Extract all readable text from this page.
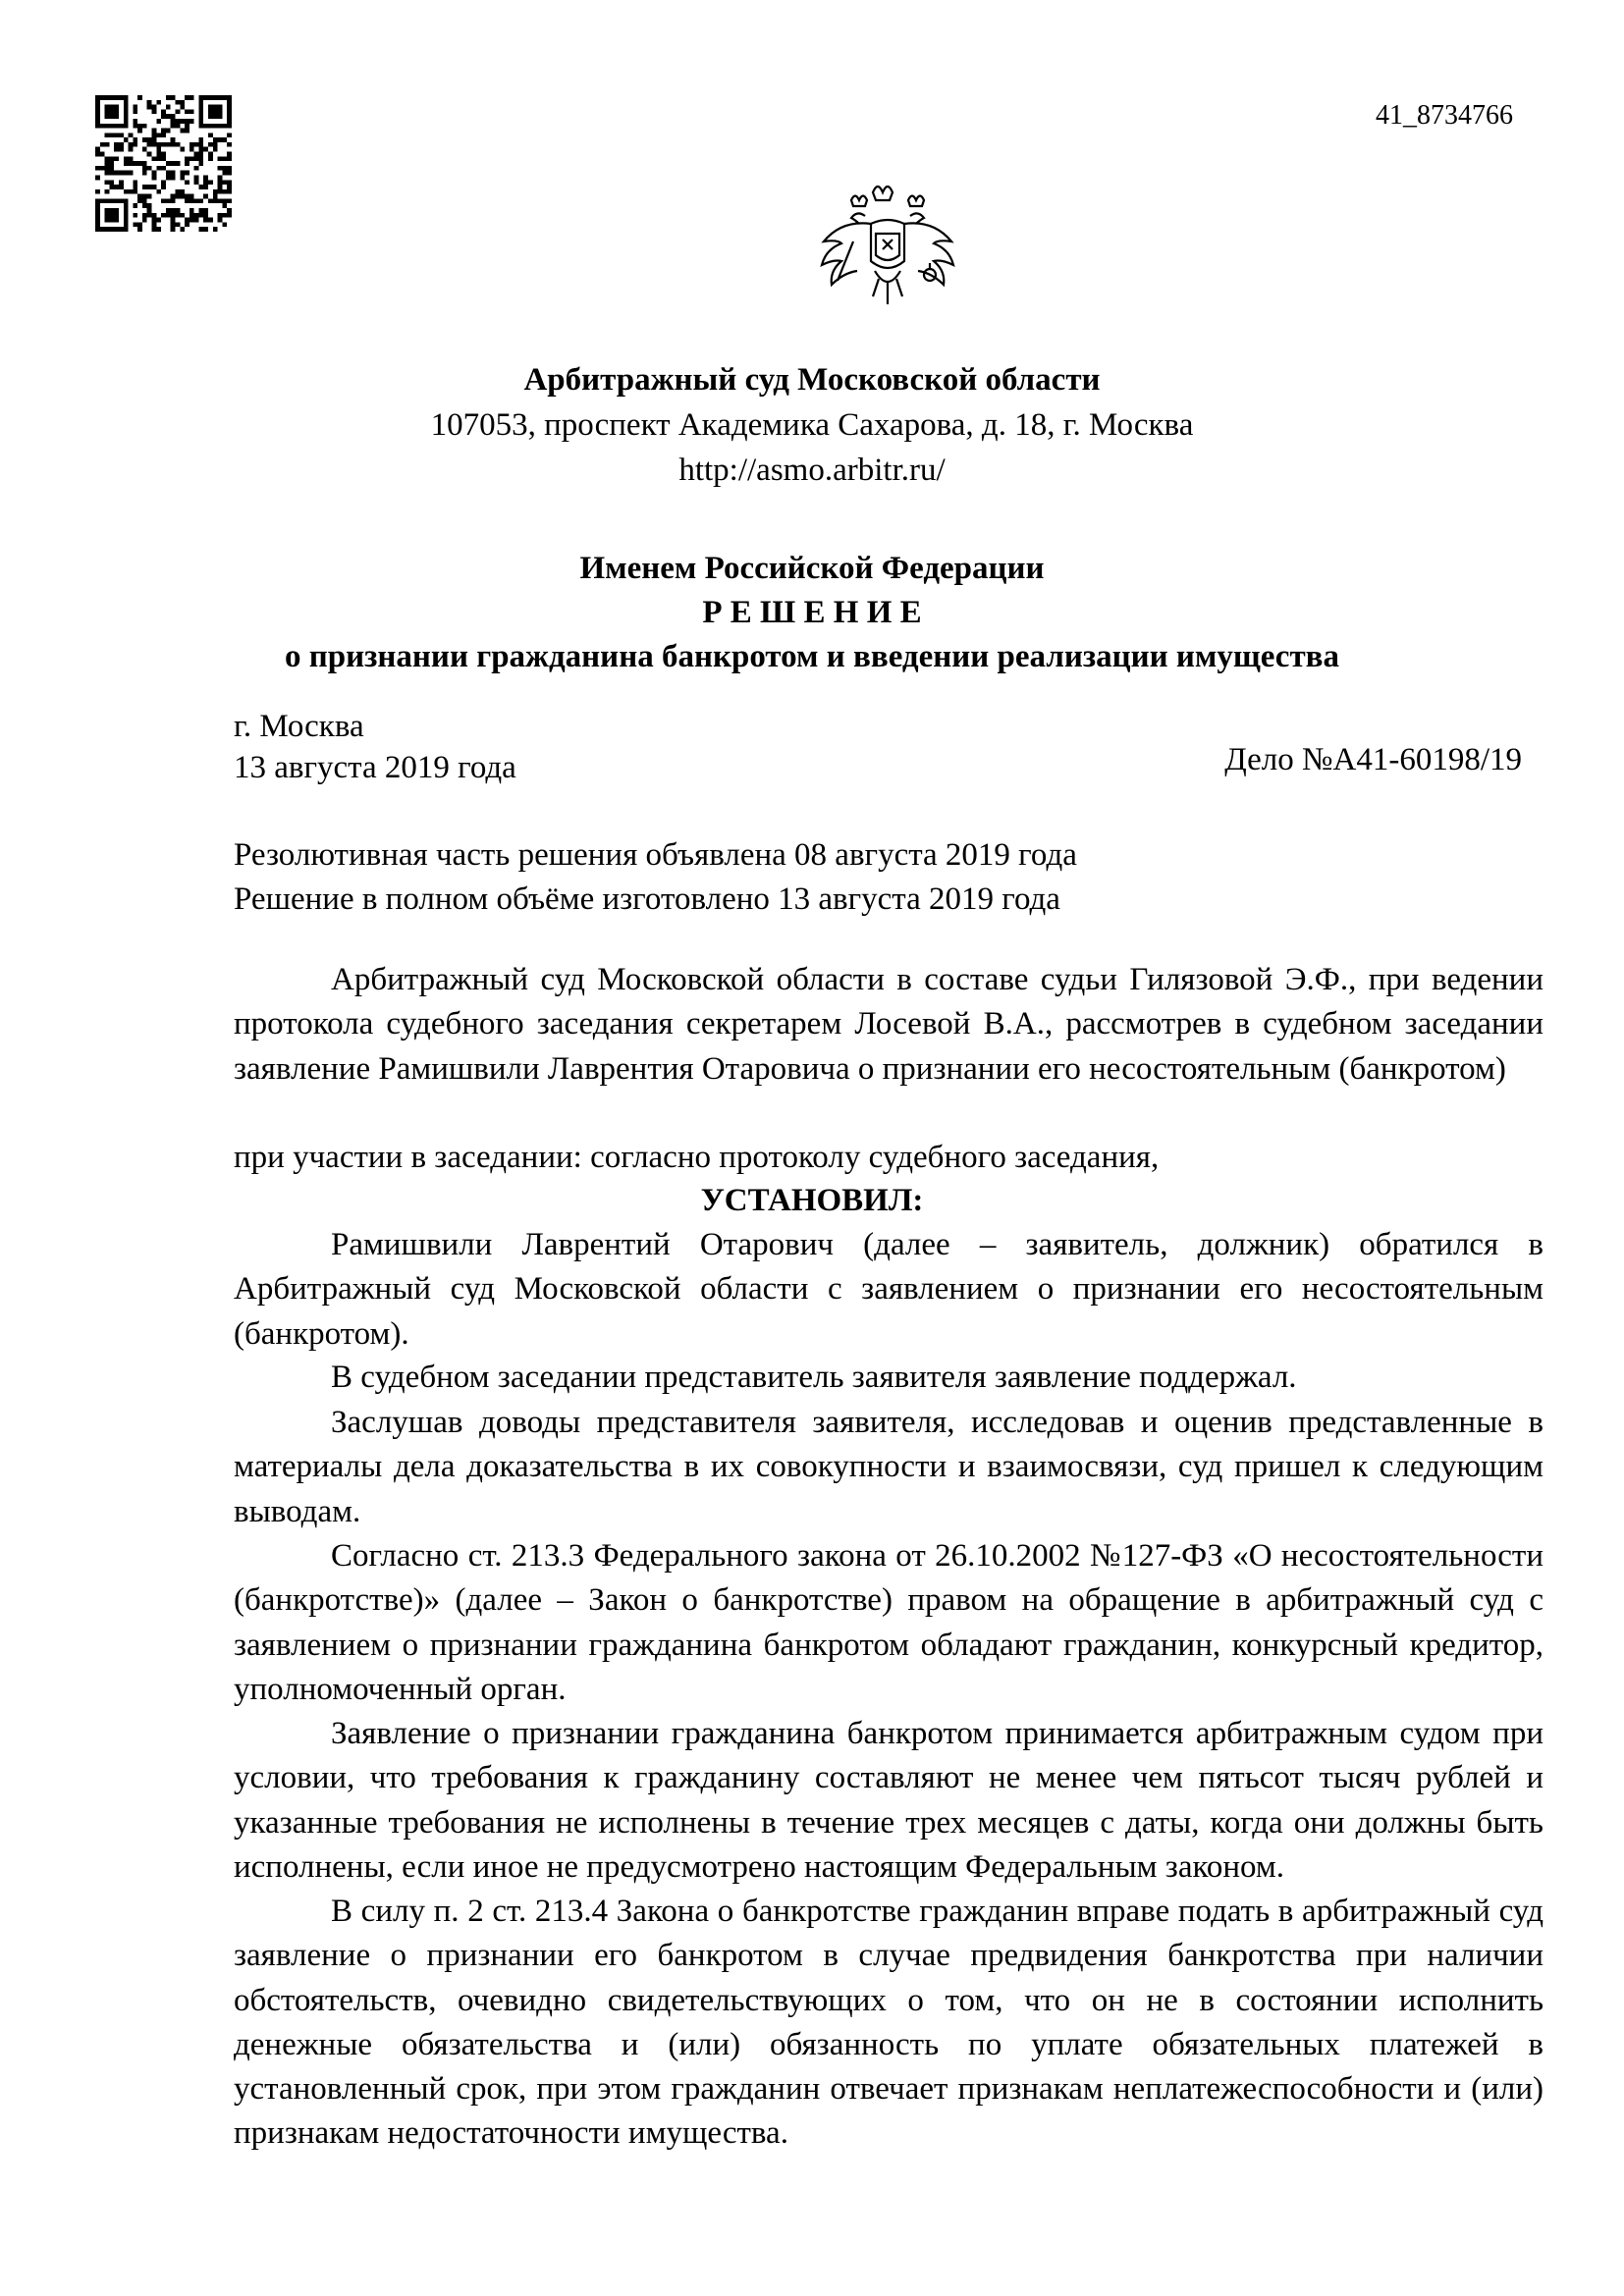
41_8734766
Арбитражный суд Московской области
107053, проспект Академика Сахарова, д. 18, г. Москва
http://asmo.arbitr.ru/
Именем Российской Федерации
Р Е Ш Е Н И Е
о признании гражданина банкротом и введении реализации имущества
г. Москва
13 августа 2019 года	Дело №А41-60198/19
Резолютивная часть решения объявлена 08 августа 2019 года
Решение в полном объёме изготовлено 13 августа 2019 года
Арбитражный суд Московской области в составе судьи Гилязовой Э.Ф., при ведении протокола судебного заседания секретарем Лосевой В.А., рассмотрев в судебном заседании заявление Рамишвили Лаврентия Отаровича о признании его несостоятельным (банкротом)
при участии в заседании: согласно протоколу судебного заседания,
УСТАНОВИЛ:
Рамишвили Лаврентий Отарович (далее – заявитель, должник) обратился в Арбитражный суд Московской области с заявлением о признании его несостоятельным (банкротом).
В судебном заседании представитель заявителя заявление поддержал.
Заслушав доводы представителя заявителя, исследовав и оценив представленные в материалы дела доказательства в их совокупности и взаимосвязи, суд пришел к следующим выводам.
Согласно ст. 213.3 Федерального закона от 26.10.2002 №127-ФЗ «О несостоятельности (банкротстве)» (далее – Закон о банкротстве) правом на обращение в арбитражный суд с заявлением о признании гражданина банкротом обладают гражданин, конкурсный кредитор, уполномоченный орган.
Заявление о признании гражданина банкротом принимается арбитражным судом при условии, что требования к гражданину составляют не менее чем пятьсот тысяч рублей и указанные требования не исполнены в течение трех месяцев с даты, когда они должны быть исполнены, если иное не предусмотрено настоящим Федеральным законом.
В силу п. 2 ст. 213.4 Закона о банкротстве гражданин вправе подать в арбитражный суд заявление о признании его банкротом в случае предвидения банкротства при наличии обстоятельств, очевидно свидетельствующих о том, что он не в состоянии исполнить денежные обязательства и (или) обязанность по уплате обязательных платежей в установленный срок, при этом гражданин отвечает признакам неплатежеспособности и (или) признакам недостаточности имущества.
